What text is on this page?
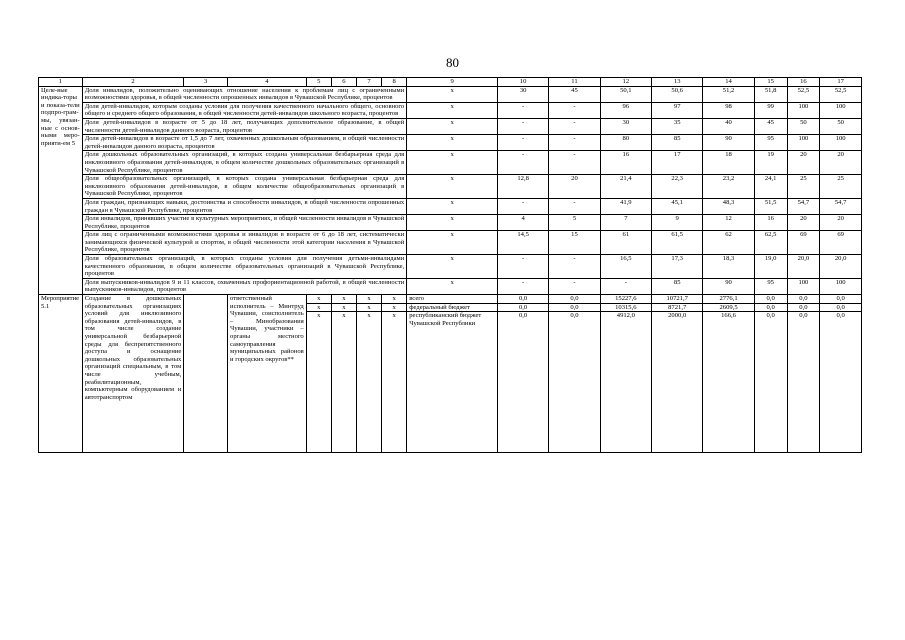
80
1	2	3	4	5	6	7	8	9	10	11	12	13	14	15	16	17
Целе-вые индика-торы и показа-тели подпро-грам-мы, увязан-ные с основ-ными меро-прияти-ем 5	Доля инвалидов, положительно оценивающих отношение населения к проблемам лиц с ограниченными возможностями здоровья, в общей численности опрошенных инвалидов в Чувашской Республике, процентов							x	30	45	50,1	50,6	51,2	51,8	52,5	52,5
	Доля детей-инвалидов, которым созданы условия для получения качественного начального общего, основного общего и среднего общего образования, в общей численности детей-инвалидов школьного возраста, процентов							x	-	-	96	97	98	99	100	100
	Доля детей-инвалидов в возрасте от 5 до 18 лет, получающих дополнительное образование, в общей численности детей-инвалидов данного возраста, процентов							x	-	-	30	35	40	45	50	50
	Доля детей-инвалидов в возрасте от 1,5 до 7 лет, охваченных дошкольным образованием, в общей численности детей-инвалидов данного возраста, процентов							x	-	-	80	85	90	95	100	100
	Доля дошкольных образовательных организаций, в которых создана универсальная безбарьерная среда для инклюзивного образования детей-инвалидов, в общем количестве дошкольных образовательных организаций в Чувашской Республике, процентов							x	-	-	16	17	18	19	20	20
	Доля общеобразовательных организаций, в которых создана универсальная безбарьерная среда для инклюзивного образования детей-инвалидов, в общем количестве общеобразовательных организаций в Чувашской Республике, процентов							x	12,8	20	21,4	22,3	23,2	24,1	25	25
	Доля граждан, признающих навыки, достоинства и способности инвалидов, в общей численности опрошенных граждан в Чувашской Республике, процентов							x	-	-	41,9	45,1	48,3	51,5	54,7	54,7
	Доля инвалидов, принявших участие в культурных мероприятиях, в общей численности инвалидов в Чувашской Республике, процентов							x	4	5	7	9	12	16	20	20
	Доля лиц с ограниченными возможностями здоровья и инвалидов в возрасте от 6 до 18 лет, систематически занимающихся физической культурой и спортом, в общей численности этой категории населения в Чувашской Республике, процентов							x	14,5	15	61	61,5	62	62,5	69	69
	Доля образовательных организаций, в которых созданы условия для получения детьми-инвалидами качественного образования, в общем количестве образовательных организаций в Чувашской Республике, процентов							x	-	-	16,5	17,3	18,3	19,0	20,0	20,0
	Доля выпускников-инвалидов 9 и 11 классов, охваченных профориентационной работой, в общей численности выпускников-инвалидов, процентов							x	-	-	-	85	90	95	100	100
Мероприятие 5.1	Создание в дошкольных образовательных организациях условий для инклюзивного образования детей-инвалидов, в том числе создание универсальной безбарьерной среды для беспрепятственного доступа и оснащение дошкольных образовательных организаций специальным, в том числе учебным, реабилитационным, компьютерным оборудованием и автотранспортом		ответственный исполнитель – Минтруд Чувашии, соисполнитель – Минобразования Чувашии, участники – органы местного самоуправления муниципальных районов и городских округов**	x	x	x	x	всего	0,0	0,0	15227,6	10721,7	2776,1	0,0	0,0	0,0
				x	x	x	x	федеральный бюджет	0,0	0,0	10315,6	8721,7	2609,5	0,0	0,0	0,0
				x	x	x	x	республиканский бюджет Чувашской Республики	0,0	0,0	4912,0	2000,0	166,6	0,0	0,0	0,0
